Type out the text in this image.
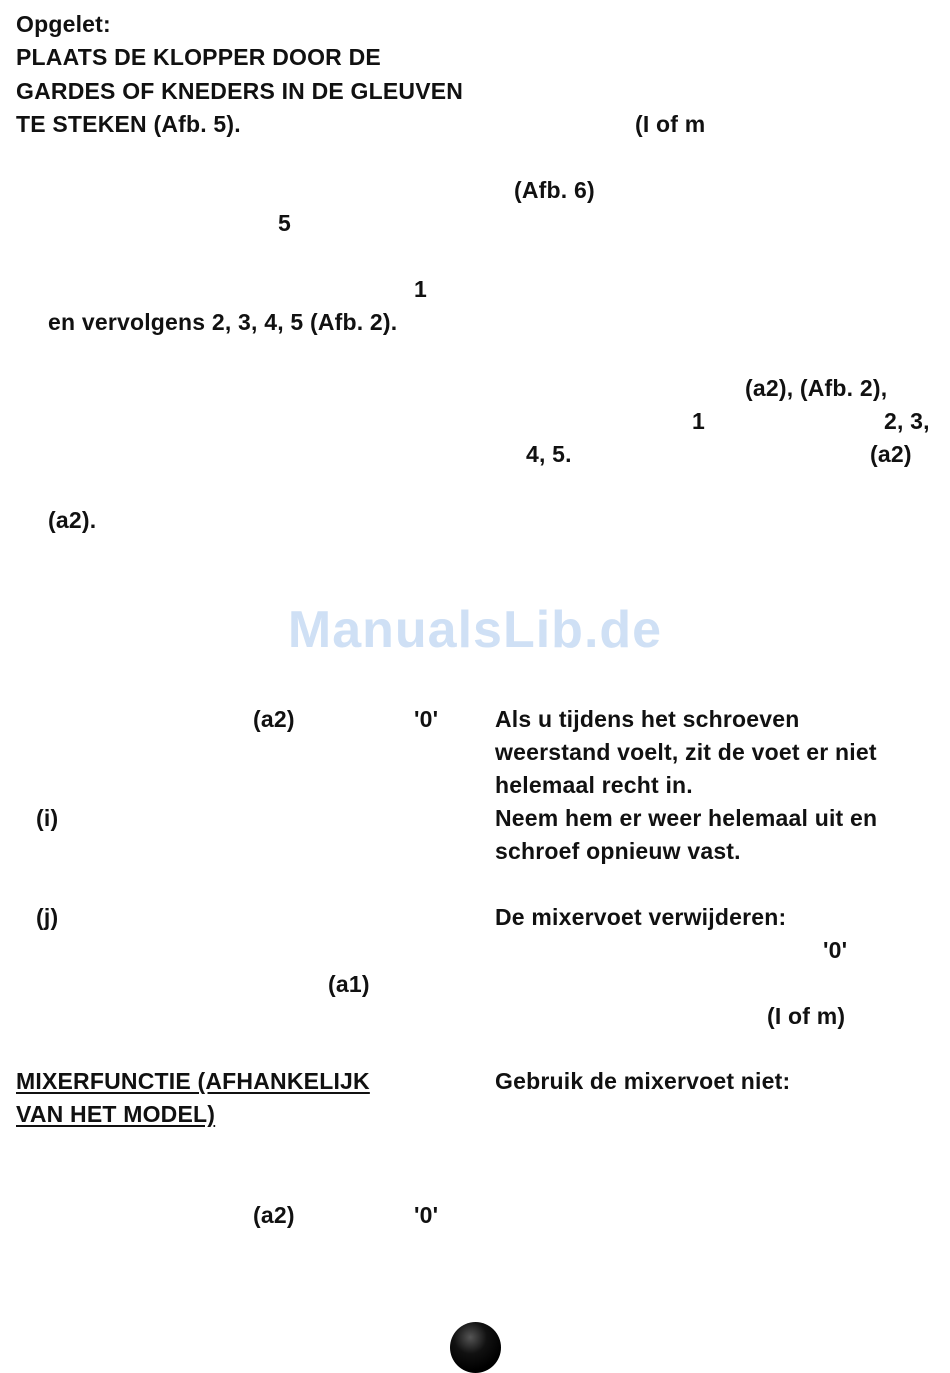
Opgelet:
PLAATS DE KLOPPER DOOR DE
GARDES OF KNEDERS IN DE GLEUVEN
TE STEKEN (Afb. 5).
5
1
en vervolgens 2, 3, 4, 5 (Afb. 2).
(a2).
(I of m
(Afb. 6)
(a2), (Afb. 2),
1	2, 3,
4, 5.	(a2)
ManualsLib.de
(a2)	'0'
(i)
(j)
(a1)
MIXERFUNCTIE (AFHANKELIJK
VAN HET MODEL)
(a2)	'0'
Als u tijdens het schroeven
weerstand voelt, zit de voet er niet
helemaal recht in.
Neem hem er weer helemaal uit en
schroef opnieuw vast.
De mixervoet verwijderen:
'0'
(I of m)
Gebruik de mixervoet niet:
